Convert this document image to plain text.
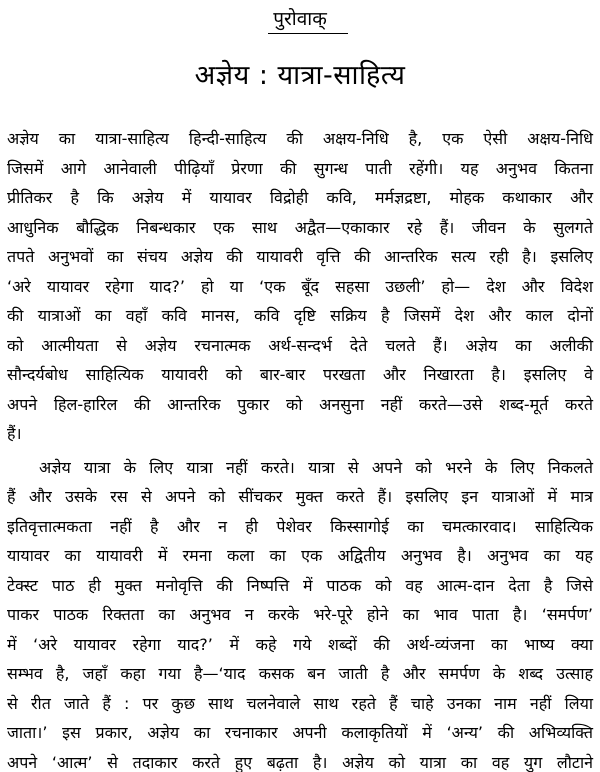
पुरोवाक्
अज्ञेय : यात्रा-साहित्य
अज्ञेय का यात्रा-साहित्य हिन्दी-साहित्य की अक्षय-निधि है, एक ऐसी अक्षय-निधि
जिसमें आगे आनेवाली पीढ़ियाँ प्रेरणा की सुगन्ध पाती रहेंगी। यह अनुभव कितना
प्रीतिकर है कि अज्ञेय में यायावर विद्रोही कवि, मर्मज्ञद्रष्टा, मोहक कथाकार और
आधुनिक बौद्धिक निबन्धकार एक साथ अद्वैत—एकाकार रहे हैं। जीवन के सुलगते
तपते अनुभवों का संचय अज्ञेय की यायावरी वृत्ति की आन्तरिक सत्य रही है। इसलिए
‘अरे यायावर रहेगा याद?’ हो या ‘एक बूँद सहसा उछली’ हो— देश और विदेश
की यात्राओं का वहाँ कवि मानस, कवि दृष्टि सक्रिय है जिसमें देश और काल दोनों
को आत्मीयता से अज्ञेय रचनात्मक अर्थ-सन्दर्भ देते चलते हैं। अज्ञेय का अलीकी
सौन्दर्यबोध साहित्यिक यायावरी को बार-बार परखता और निखारता है। इसलिए वे
अपने हिल-हारिल की आन्तरिक पुकार को अनसुना नहीं करते—उसे शब्द-मूर्त करते
हैं।
अज्ञेय यात्रा के लिए यात्रा नहीं करते। यात्रा से अपने को भरने के लिए निकलते
हैं और उसके रस से अपने को सींचकर मुक्त करते हैं। इसलिए इन यात्राओं में मात्र
इतिवृत्तात्मकता नहीं है और न ही पेशेवर किस्सागोई का चमत्कारवाद। साहित्यिक
यायावर का यायावरी में रमना कला का एक अद्वितीय अनुभव है। अनुभव का यह
टेक्स्ट पाठ ही मुक्त मनोवृत्ति की निष्पत्ति में पाठक को वह आत्म-दान देता है जिसे
पाकर पाठक रिक्तता का अनुभव न करके भरे-पूरे होने का भाव पाता है। ‘समर्पण’
में ‘अरे यायावर रहेगा याद?’ में कहे गये शब्दों की अर्थ-व्यंजना का भाष्य क्या
सम्भव है, जहाँ कहा गया है—‘याद कसक बन जाती है और समर्पण के शब्द उत्साह
से रीत जाते हैं : पर कुछ साथ चलनेवाले साथ रहते हैं चाहे उनका नाम नहीं लिया
जाता।’ इस प्रकार, अज्ञेय का रचनाकार अपनी कलाकृतियों में ‘अन्य’ की अभिव्यक्ति
अपने ‘आत्म’ से तदाकार करते हुए बढ़ता है। अज्ञेय को यात्रा का वह युग लौटाने
